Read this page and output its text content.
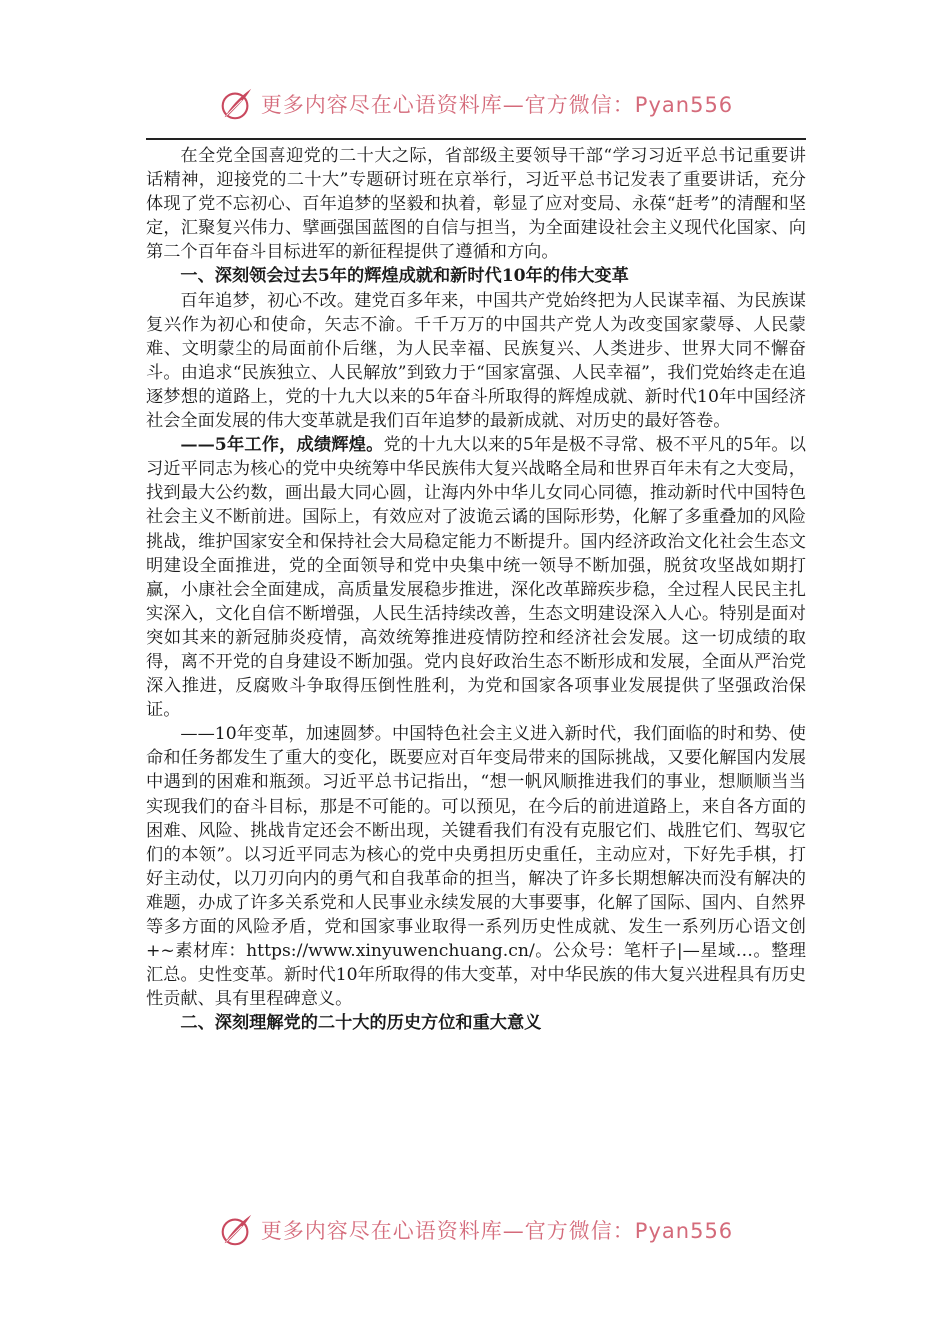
更多内容尽在心语资料库—官方微信：Pyan556

在全党全国喜迎党的二十大之际，省部级主要领导干部“学习习近平总书记重要讲话精神，迎接党的二十大”专题研讨班在京举行，习近平总书记发表了重要讲话，充分体现了党不忘初心、百年追梦的坚毅和执着，彰显了应对变局、永葆“赶考”的清醒和坚定，汇聚复兴伟力、擘画强国蓝图的自信与担当，为全面建设社会主义现代化国家、向第二个百年奋斗目标进军的新征程提供了遵循和方向。

一、深刻领会过去5年的辉煌成就和新时代10年的伟大变革

百年追梦，初心不改。建党百多年来，中国共产党始终把为人民谋幸福、为民族谋复兴作为初心和使命，矢志不渝。千千万万的中国共产党人为改变国家蒙辱、人民蒙难、文明蒙尘的局面前仆后继，为人民幸福、民族复兴、人类进步、世界大同不懈奋斗。由追求“民族独立、人民解放”到致力于“国家富强、人民幸福”，我们党始终走在追逐梦想的道路上，党的十九大以来的5年奋斗所取得的辉煌成就、新时代10年中国经济社会全面发展的伟大变革就是我们百年追梦的最新成就、对历史的最好答卷。

——5年工作，成绩辉煌。党的十九大以来的5年是极不寻常、极不平凡的5年。以习近平同志为核心的党中央统筹中华民族伟大复兴战略全局和世界百年未有之大变局，找到最大公约数，画出最大同心圆，让海内外中华儿女同心同德，推动新时代中国特色社会主义不断前进。国际上，有效应对了波诡云谲的国际形势，化解了多重叠加的风险挑战，维护国家安全和保持社会大局稳定能力不断提升。国内经济政治文化社会生态文明建设全面推进，党的全面领导和党中央集中统一领导不断加强，脱贫攻坚战如期打赢，小康社会全面建成，高质量发展稳步推进，深化改革蹄疾步稳，全过程人民民主扎实深入，文化自信不断增强，人民生活持续改善，生态文明建设深入人心。特别是面对突如其来的新冠肺炎疫情，高效统筹推进疫情防控和经济社会发展。这一切成绩的取得，离不开党的自身建设不断加强。党内良好政治生态不断形成和发展，全面从严治党深入推进，反腐败斗争取得压倒性胜利，为党和国家各项事业发展提供了坚强政治保证。

——10年变革，加速圆梦。中国特色社会主义进入新时代，我们面临的时和势、使命和任务都发生了重大的变化，既要应对百年变局带来的国际挑战，又要化解国内发展中遇到的困难和瓶颈。习近平总书记指出，“想一帆风顺推进我们的事业，想顺顺当当实现我们的奋斗目标，那是不可能的。可以预见，在今后的前进道路上，来自各方面的困难、风险、挑战肯定还会不断出现，关键看我们有没有克服它们、战胜它们、驾驭它们的本领”。以习近平同志为核心的党中央勇担历史重任，主动应对，下好先手棋，打好主动仗，以刀刃向内的勇气和自我革命的担当，解决了许多长期想解决而没有解决的难题，办成了许多关系党和人民事业永续发展的大事要事，化解了国际、国内、自然界等多方面的风险矛盾，党和国家事业取得一系列历史性成就、发生一系列历心语文创+~素材库：https://www.xinyuwenchuang.cn/。公众号：笔杆子|—星域…。整理汇总。史性变革。新时代10年所取得的伟大变革，对中华民族的伟大复兴进程具有历史性贡献、具有里程碑意义。

二、深刻理解党的二十大的历史方位和重大意义

更多内容尽在心语资料库—官方微信：Pyan556
